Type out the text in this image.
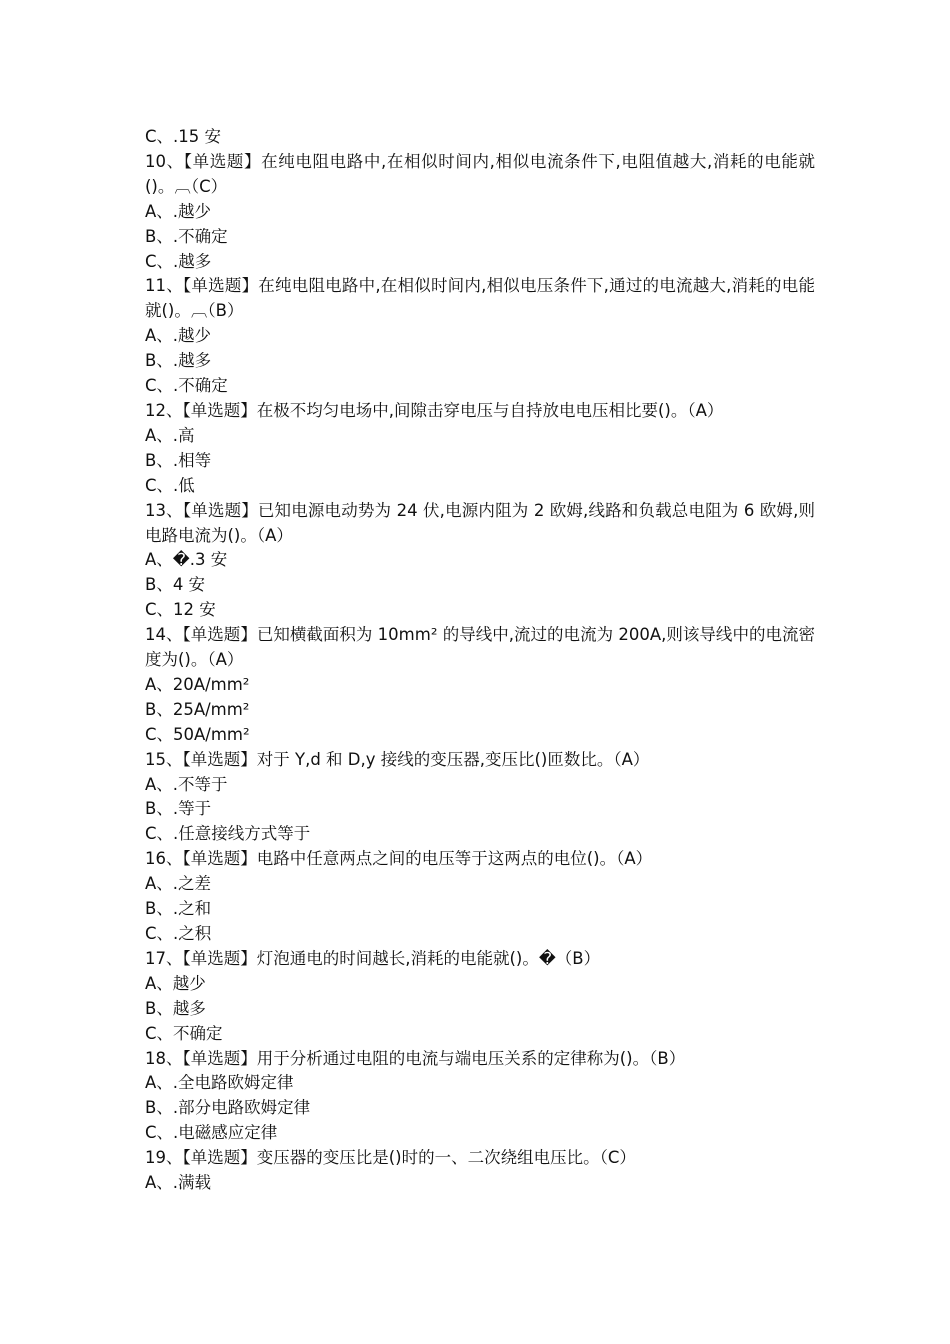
C、.15 安

10、【单选题】在纯电阻电路中,在相似时间内,相似电流条件下,电阻值越大,消耗的电能就()。︹（C）

A、.越少

B、.不确定

C、.越多

11、【单选题】在纯电阻电路中,在相似时间内,相似电压条件下,通过的电流越大,消耗的电能就()。︹（B）

A、.越少

B、.越多

C、.不确定

12、【单选题】在极不均匀电场中,间隙击穿电压与自持放电电压相比要()。（A）

A、.高

B、.相等

C、.低

13、【单选题】已知电源电动势为 24 伏,电源内阻为 2 欧姆,线路和负载总电阻为 6 欧姆,则电路电流为()。（A）

A、�.3 安

B、4 安

C、12 安

14、【单选题】已知横截面积为 10mm² 的导线中,流过的电流为 200A,则该导线中的电流密度为()。（A）

A、20A/mm²

B、25A/mm²

C、50A/mm²

15、【单选题】对于 Y,d 和 D,y 接线的变压器,变压比()匝数比。（A）

A、.不等于

B、.等于

C、.任意接线方式等于

16、【单选题】电路中任意两点之间的电压等于这两点的电位()。（A）

A、.之差

B、.之和

C、.之积

17、【单选题】灯泡通电的时间越长,消耗的电能就()。�（B）

A、越少

B、越多

C、不确定

18、【单选题】用于分析通过电阻的电流与端电压关系的定律称为()。（B）

A、.全电路欧姆定律

B、.部分电路欧姆定律

C、.电磁感应定律

19、【单选题】变压器的变压比是()时的一、二次绕组电压比。（C）

A、.满载
